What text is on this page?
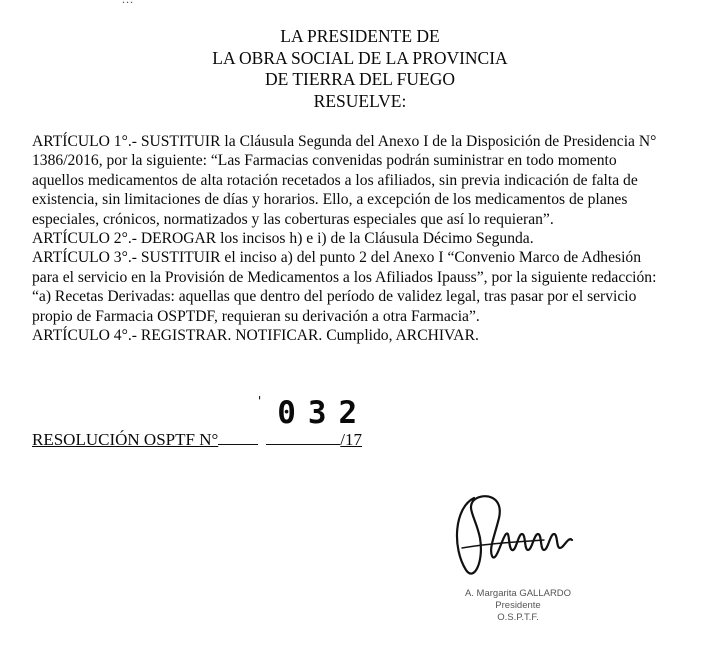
LA PRESIDENTE DE
LA OBRA SOCIAL DE LA PROVINCIA
DE TIERRA DEL FUEGO
RESUELVE:
ARTÍCULO 1°.- SUSTITUIR la Cláusula Segunda del Anexo I de la Disposición de Presidencia N°
1386/2016, por la siguiente: “Las Farmacias convenidas podrán suministrar en todo momento
aquellos medicamentos de alta rotación recetados a los afiliados, sin previa indicación de falta de
existencia, sin limitaciones de días y horarios. Ello, a excepción de los medicamentos de planes
especiales, crónicos, normatizados y las coberturas especiales que así lo requieran”.
ARTÍCULO 2°.- DEROGAR los incisos h) e i) de la Cláusula Décimo Segunda.
ARTÍCULO 3°.- SUSTITUIR el inciso a) del punto 2 del Anexo I “Convenio Marco de Adhesión
para el servicio en la Provisión de Medicamentos a los Afiliados Ipauss”, por la siguiente redacción:
“a) Recetas Derivadas: aquellas que dentro del período de validez legal, tras pasar por el servicio
propio de Farmacia OSPTDF, requieran su derivación a otra Farmacia”.
ARTÍCULO 4°.- REGISTRAR. NOTIFICAR. Cumplido, ARCHIVAR.
' 032
RESOLUCIÓN OSPTF N°	/17
A. Margarita GALLARDO
Presidente
O.S.P.T.F.
